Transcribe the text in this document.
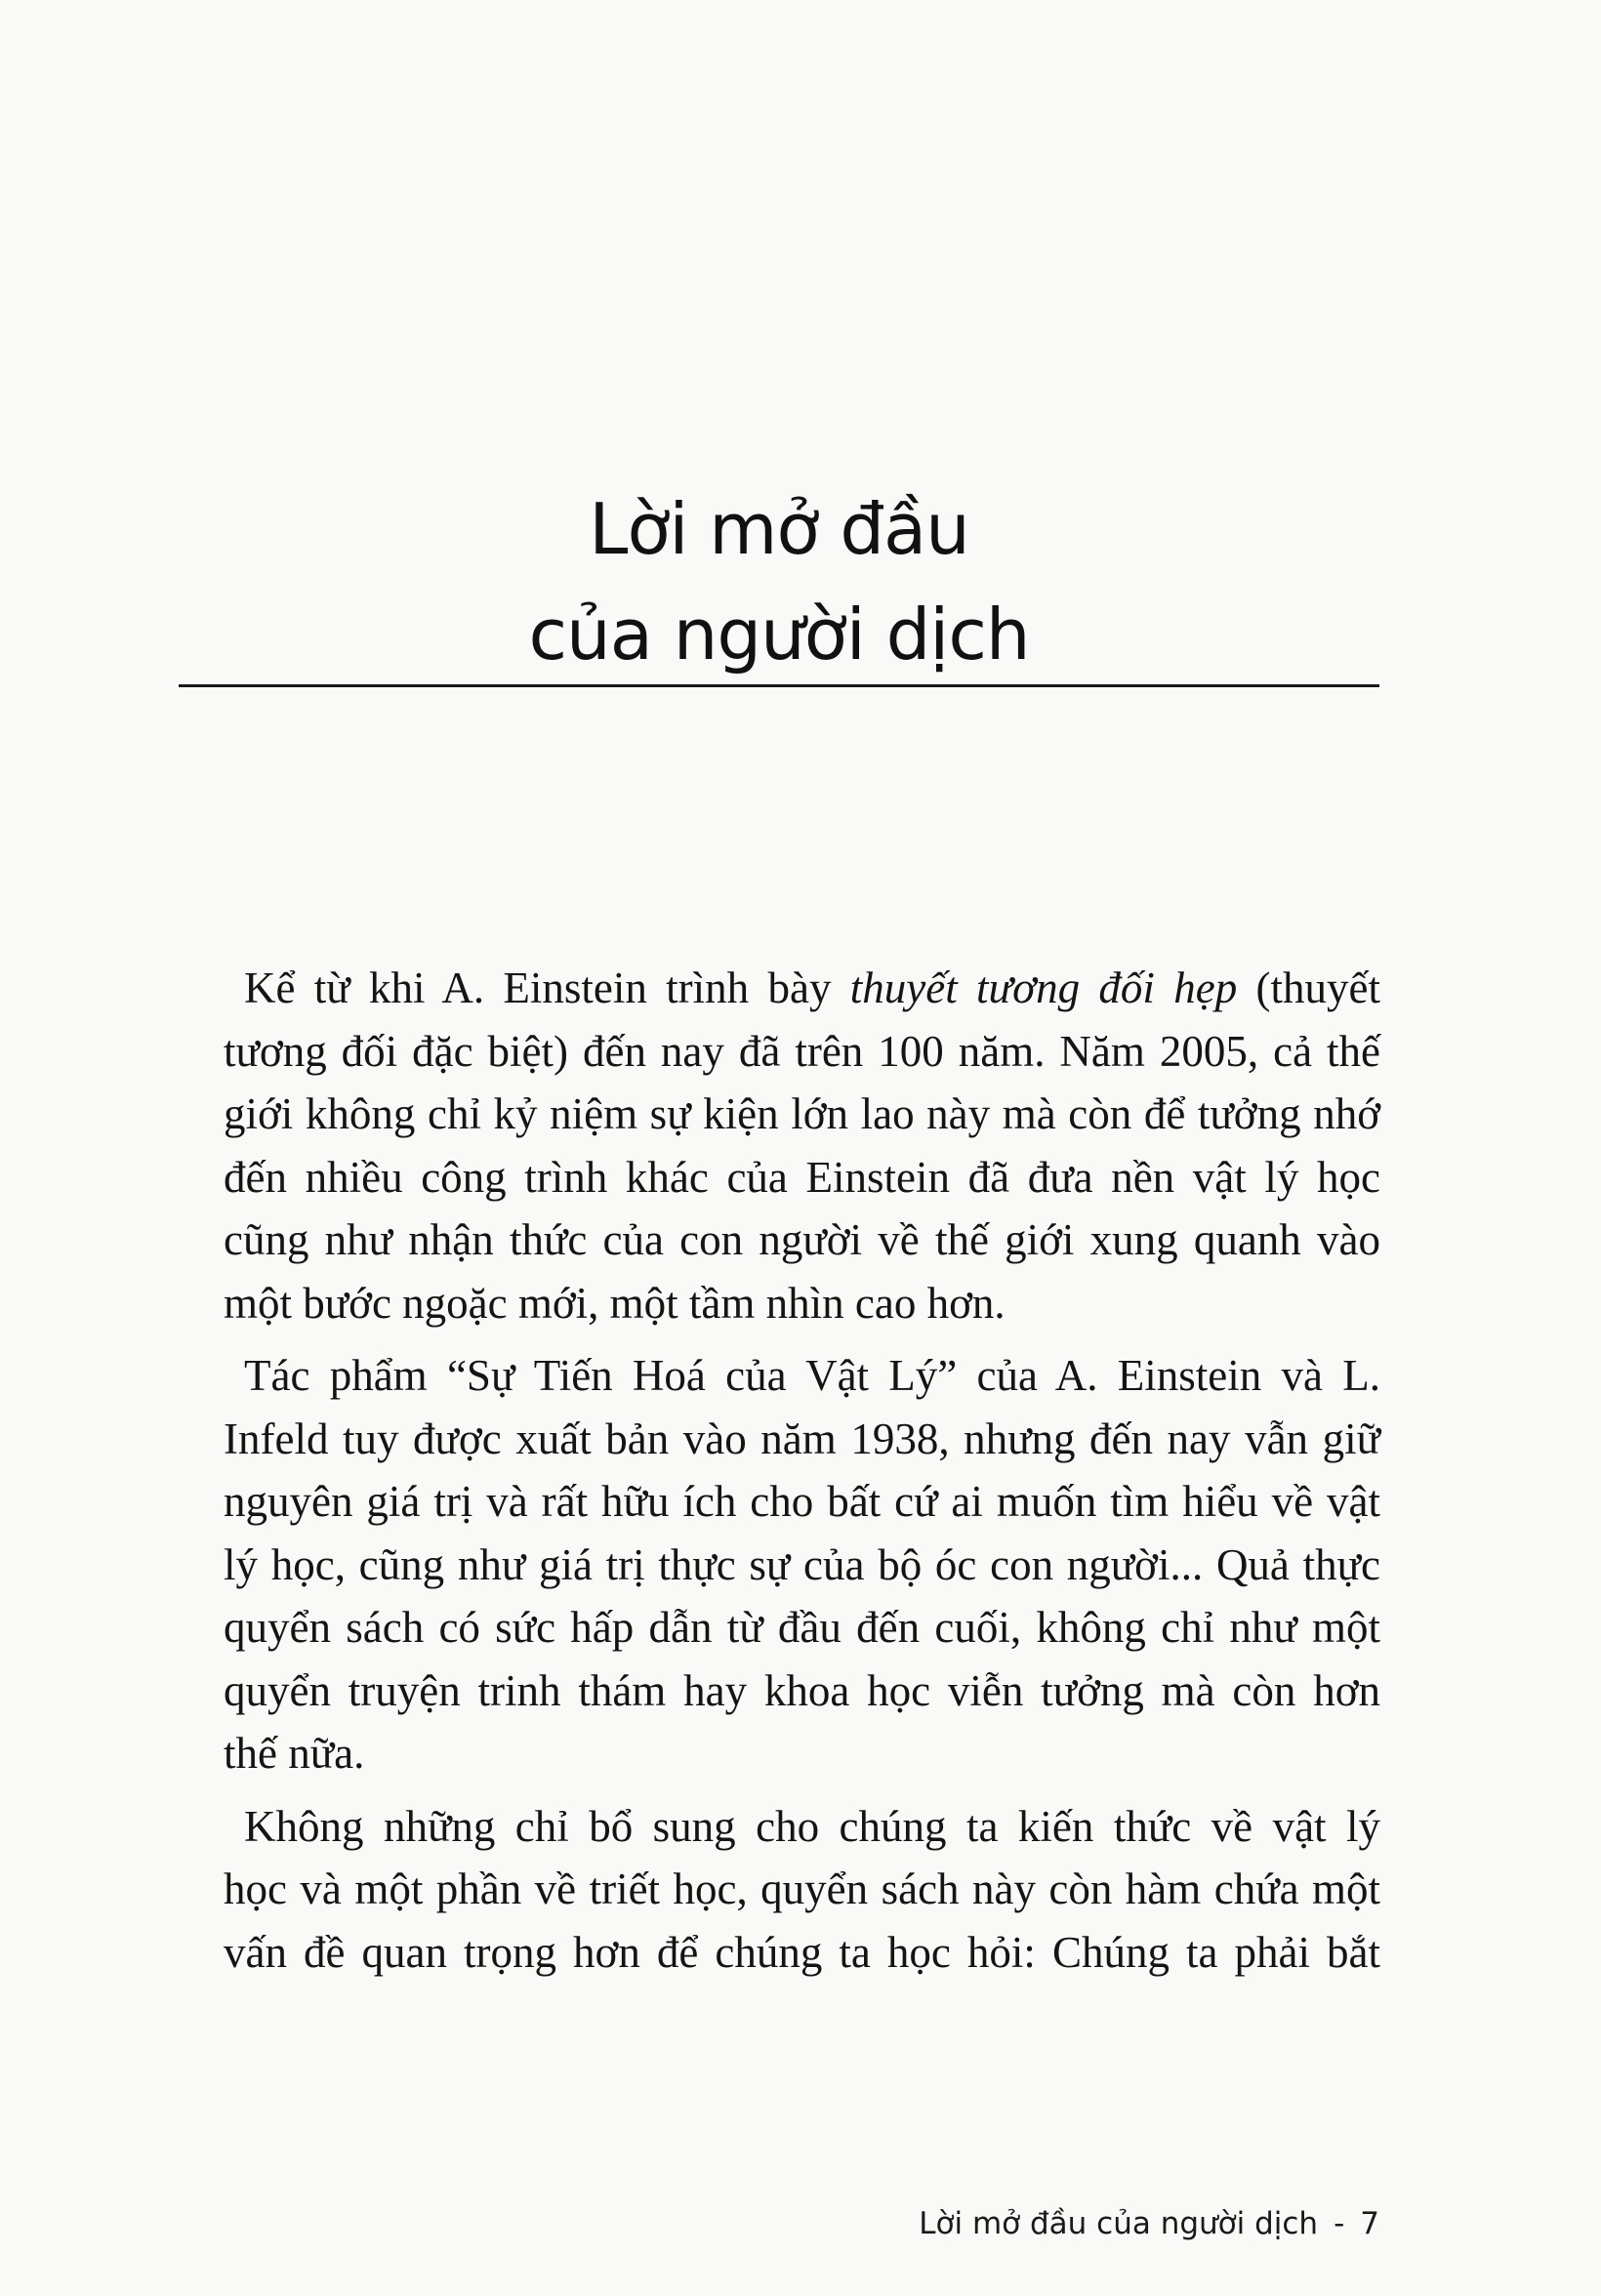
Lời mở đầu
của người dịch

Kể từ khi A. Einstein trình bày thuyết tương đối hẹp (thuyết
tương đối đặc biệt) đến nay đã trên 100 năm. Năm 2005, cả thế
giới không chỉ kỷ niệm sự kiện lớn lao này mà còn để tưởng nhớ
đến nhiều công trình khác của Einstein đã đưa nền vật lý học
cũng như nhận thức của con người về thế giới xung quanh vào
một bước ngoặc mới, một tầm nhìn cao hơn.

Tác phẩm “Sự Tiến Hoá của Vật Lý” của A. Einstein và L.
Infeld tuy được xuất bản vào năm 1938, nhưng đến nay vẫn giữ
nguyên giá trị và rất hữu ích cho bất cứ ai muốn tìm hiểu về vật
lý học, cũng như giá trị thực sự của bộ óc con người... Quả thực
quyển sách có sức hấp dẫn từ đầu đến cuối, không chỉ như một
quyển truyện trinh thám hay khoa học viễn tưởng mà còn hơn
thế nữa.

Không những chỉ bổ sung cho chúng ta kiến thức về vật lý
học và một phần về triết học, quyển sách này còn hàm chứa một
vấn đề quan trọng hơn để chúng ta học hỏi: Chúng ta phải bắt

Lời mở đầu của người dịch - 7
